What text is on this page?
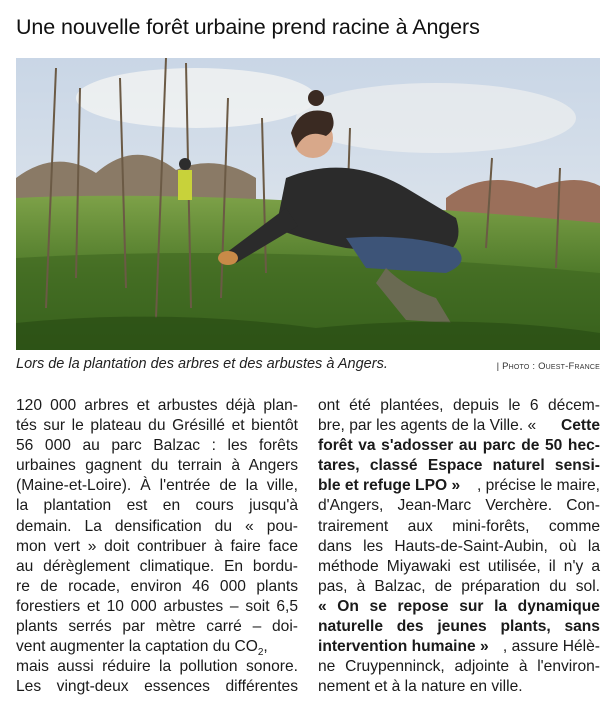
Une nouvelle forêt urbaine prend racine à Angers
Lors de la plantation des arbres et des arbustes à Angers.	| Photo : Ouest-France
120 000 arbres et arbustes déjà plan-
tés sur le plateau du Grésillé et bientôt
56 000 au parc Balzac : les forêts
urbaines gagnent du terrain à Angers
(Maine-et-Loire). À l'entrée de la ville,
la plantation est en cours jusqu'à
demain. La densification du « pou-
mon vert » doit contribuer à faire face
au dérèglement climatique. En bordu-
re de rocade, environ 46 000 plants
forestiers et 10 000 arbustes – soit 6,5
plants serrés par mètre carré – doi-
vent augmenter la captation du $CO_2$,
mais aussi réduire la pollution sonore.
Les vingt-deux essences différentes
ont été plantées, depuis le 6 décem-
bre, par les agents de la Ville. « Cette
forêt va s'adosser au parc de 50 hec-
tares, classé Espace naturel sensi-
ble et refuge LPO » , précise le maire,
d'Angers, Jean-Marc Verchère. Con-
trairement aux mini-forêts, comme
dans les Hauts-de-Saint-Aubin, où la
méthode Miyawaki est utilisée, il n'y a
pas, à Balzac, de préparation du sol.
« On se repose sur la dynamique
naturelle des jeunes plants, sans
intervention humaine » , assure Hélè-
ne Cruypenninck, adjointe à l'environ-
nement et à la nature en ville.
